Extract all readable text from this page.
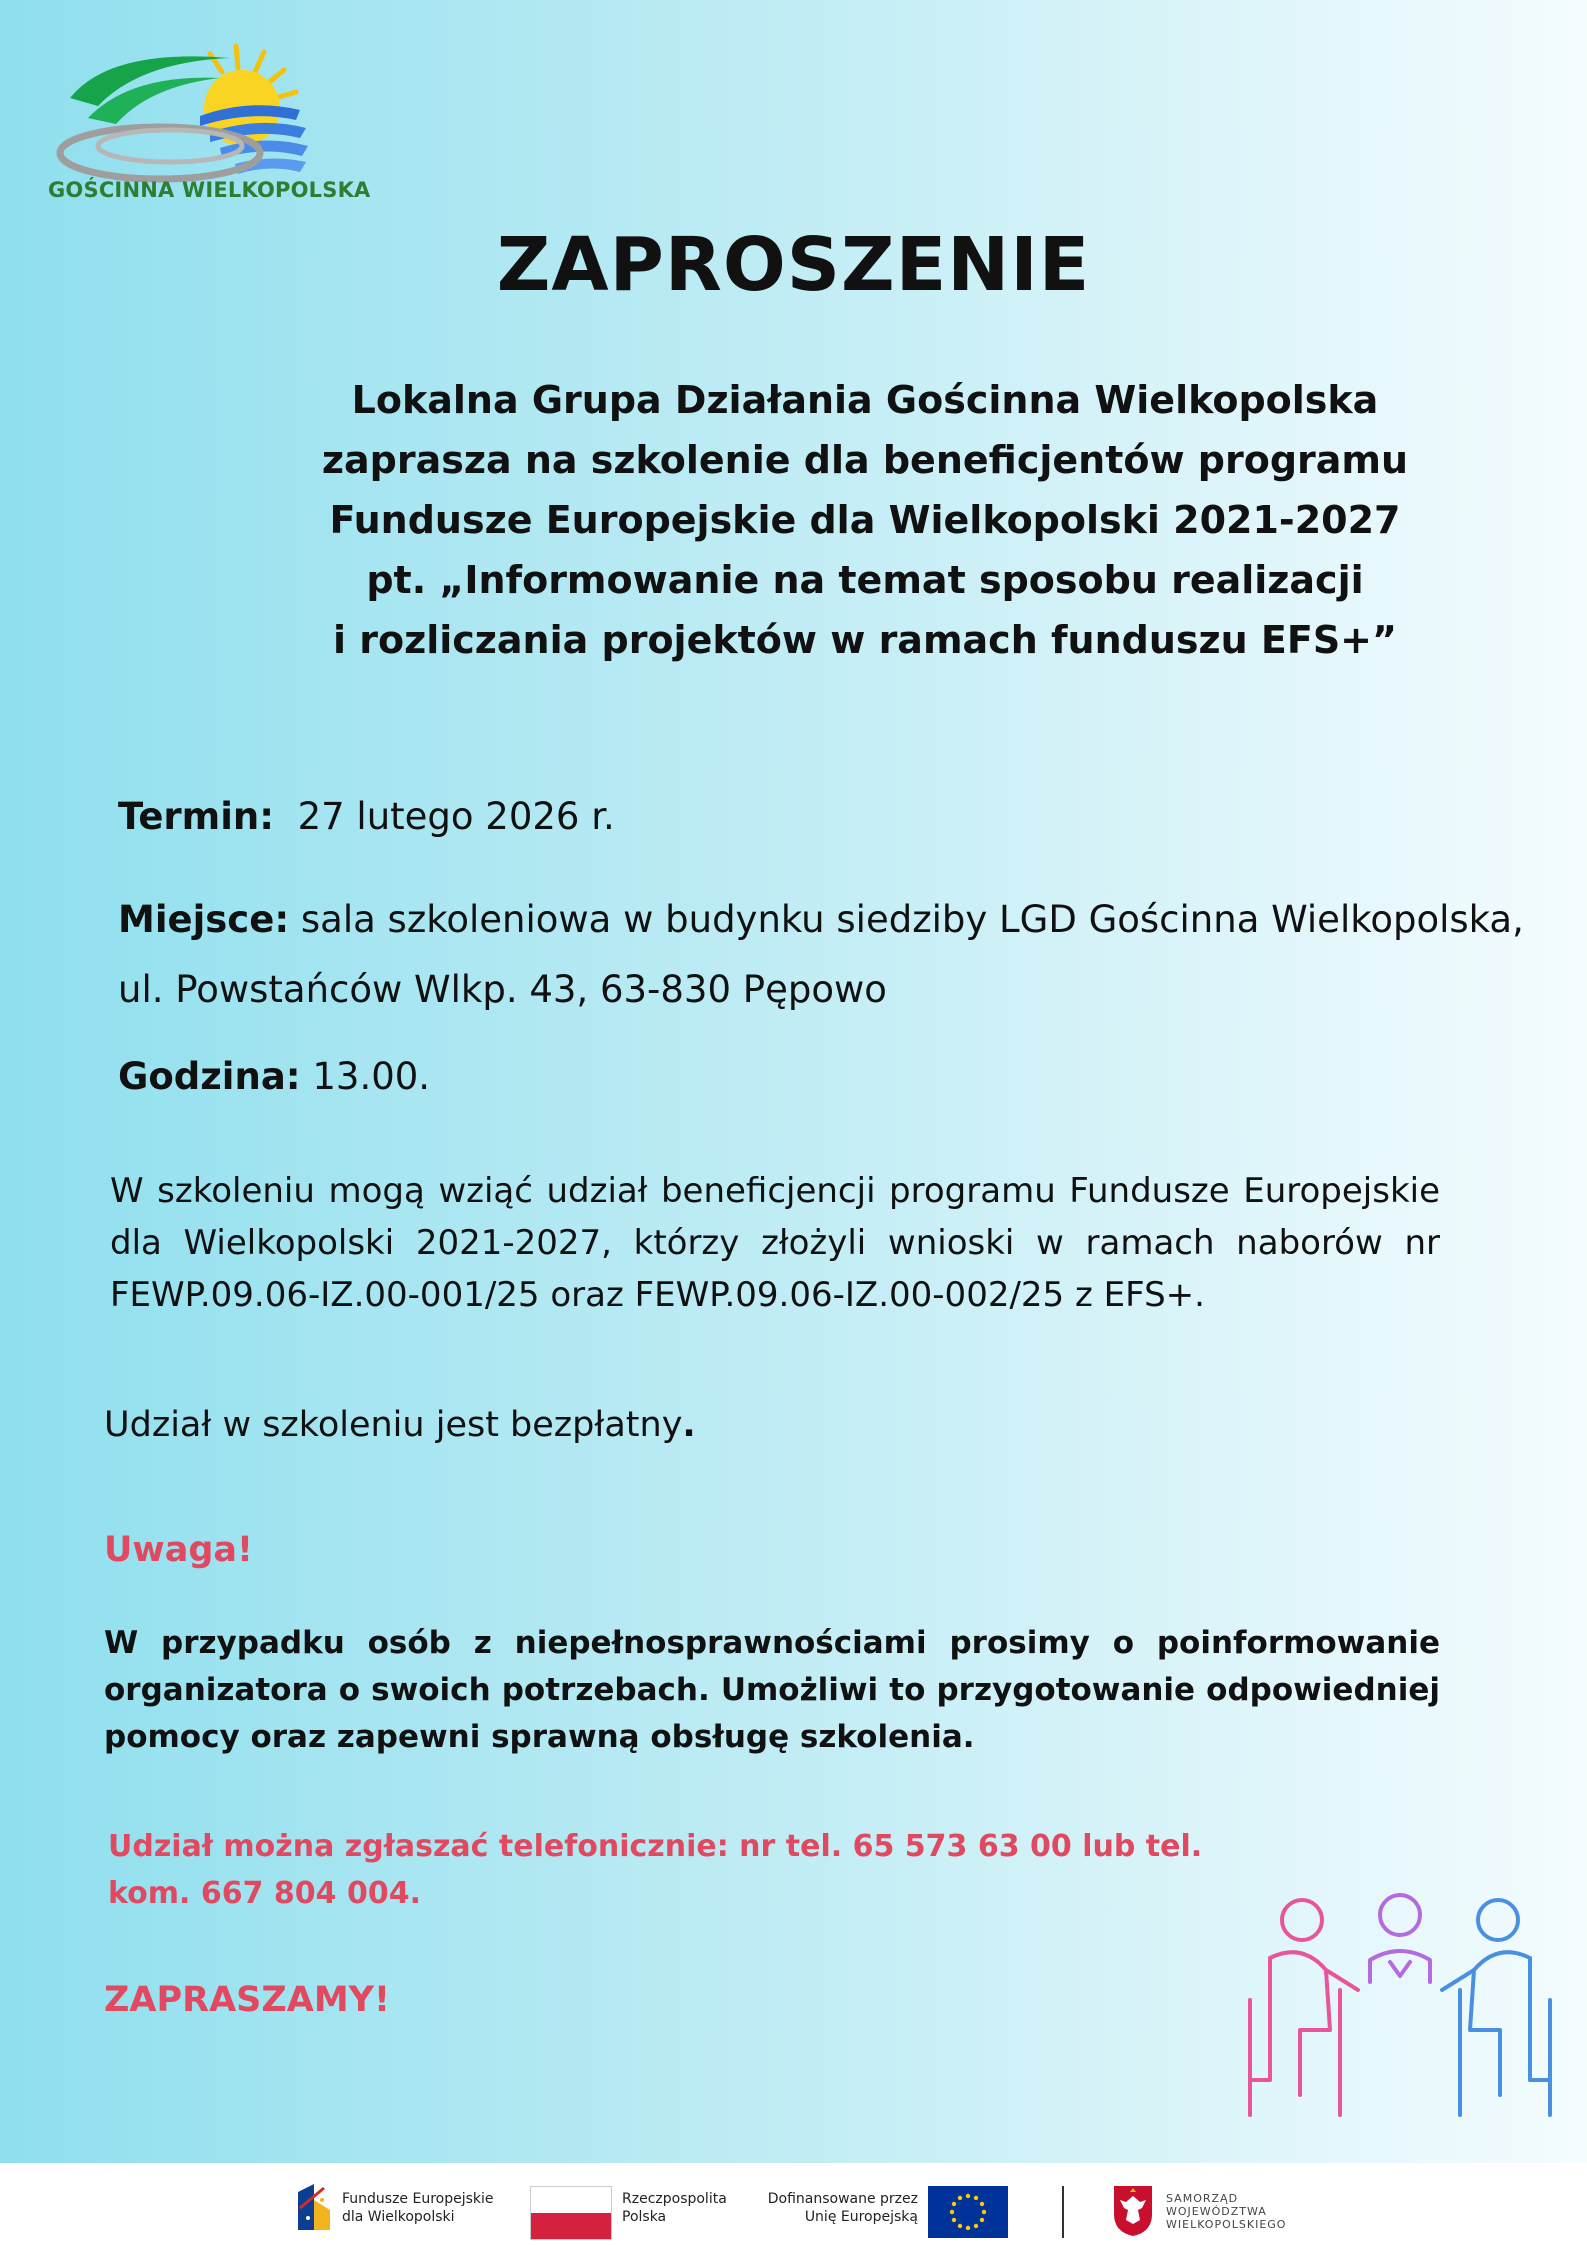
GOŚCINNA WIELKOPOLSKA
ZAPROSZENIE
Lokalna Grupa Działania Gościnna Wielkopolska
zaprasza na szkolenie dla beneficjentów programu
Fundusze Europejskie dla Wielkopolski 2021-2027
pt. „Informowanie na temat sposobu realizacji
i rozliczania projektów w ramach funduszu EFS+”
Termin: 27 lutego 2026 r.
Miejsce: sala szkoleniowa w budynku siedziby LGD Gościnna Wielkopolska,
ul. Powstańców Wlkp. 43, 63-830 Pępowo
Godzina: 13.00.
W szkoleniu mogą wziąć udział beneficjencji programu Fundusze Europejskie dla Wielkopolski 2021-2027, którzy złożyli wnioski w ramach naborów nr FEWP.09.06-IZ.00-001/25 oraz FEWP.09.06-IZ.00-002/25 z EFS+.
Udział w szkoleniu jest bezpłatny.
Uwaga!
W przypadku osób z niepełnosprawnościami prosimy o poinformowanie organizatora o swoich potrzebach. Umożliwi to przygotowanie odpowiedniej pomocy oraz zapewni sprawną obsługę szkolenia.
Udział można zgłaszać telefonicznie: nr tel. 65 573 63 00 lub tel.
kom. 667 804 004.
ZAPRASZAMY!
Fundusze Europejskie
dla Wielkopolski
Rzeczpospolita
Polska
Dofinansowane przez
Unię Europejską
SAMORZĄD
WOJEWÓDZTWA
WIELKOPOLSKIEGO
